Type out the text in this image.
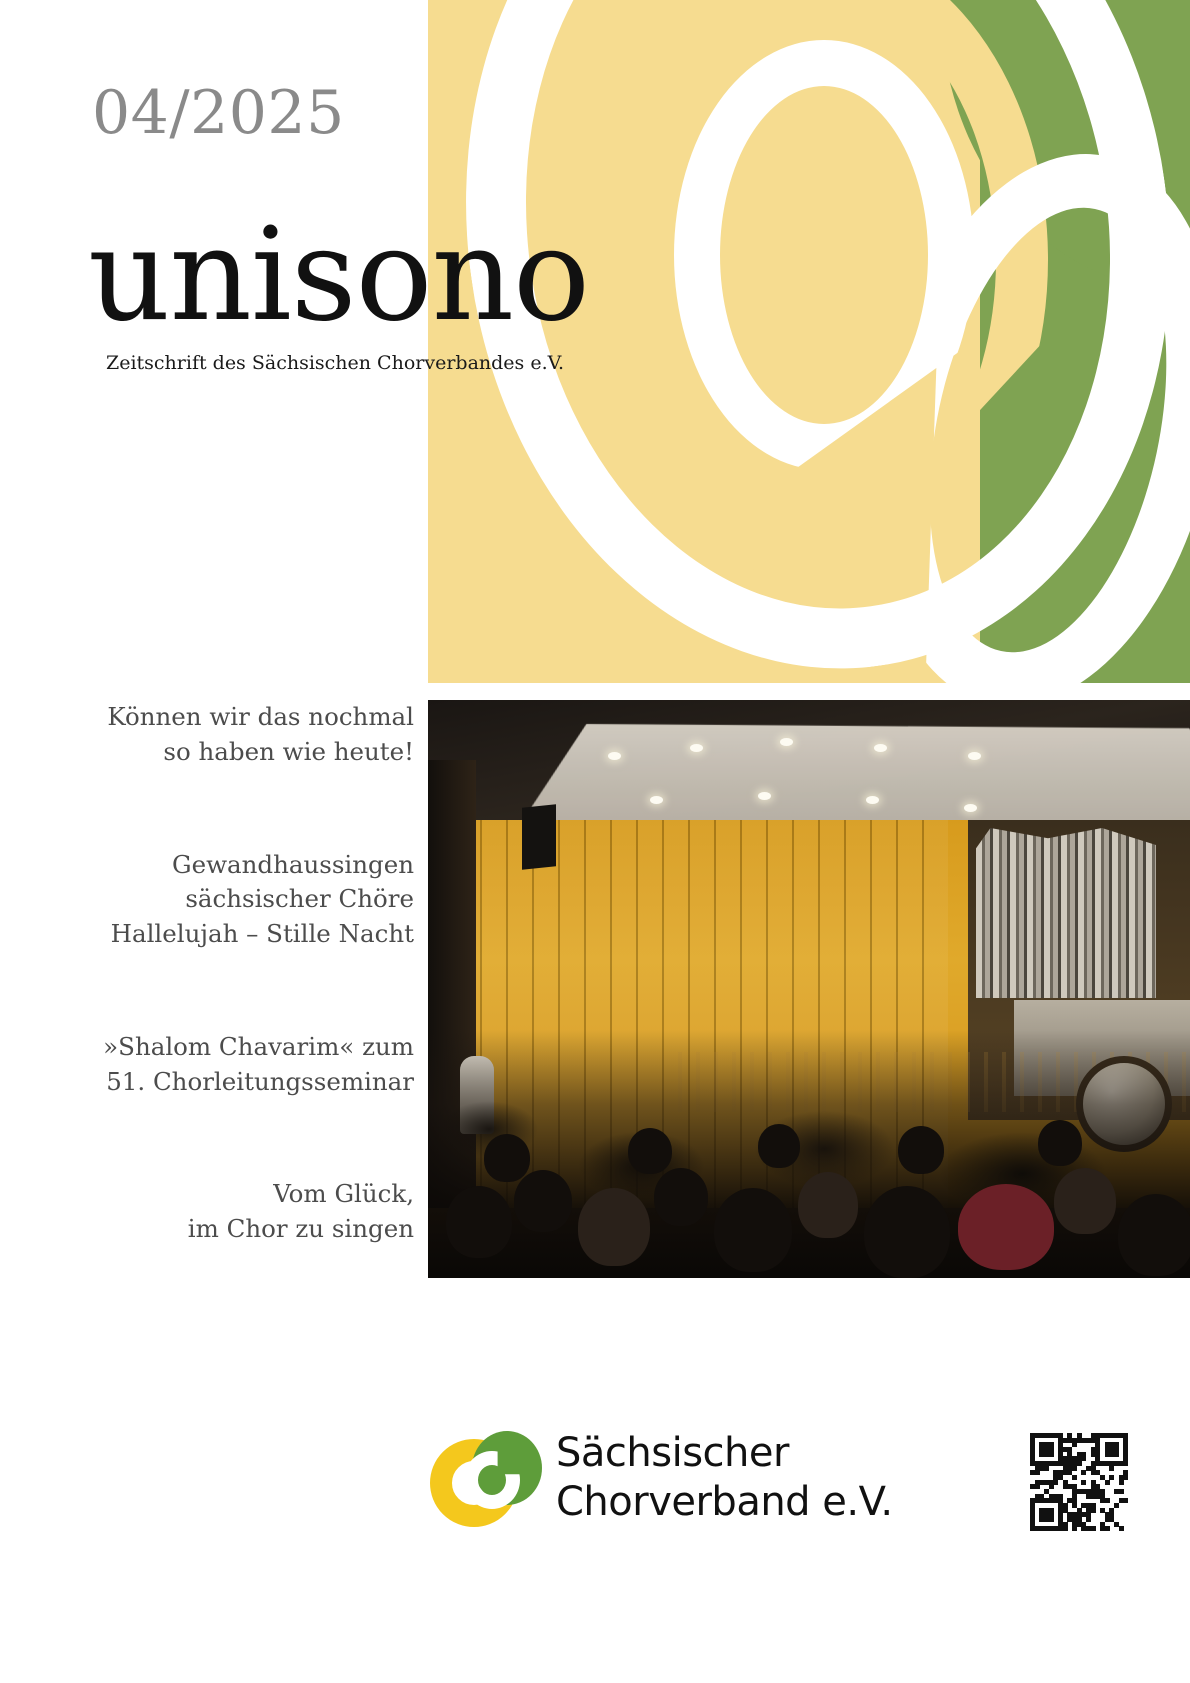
04/2025
unisono
Zeitschrift des Sächsischen Chorverbandes e.V.
Können wir das nochmal
so haben wie heute!
Gewandhaussingen
sächsischer Chöre
Hallelujah – Stille Nacht
»Shalom Chavarim« zum
51. Chorleitungsseminar
Vom Glück,
im Chor zu singen
Sächsischer
Chorverband e.V.
